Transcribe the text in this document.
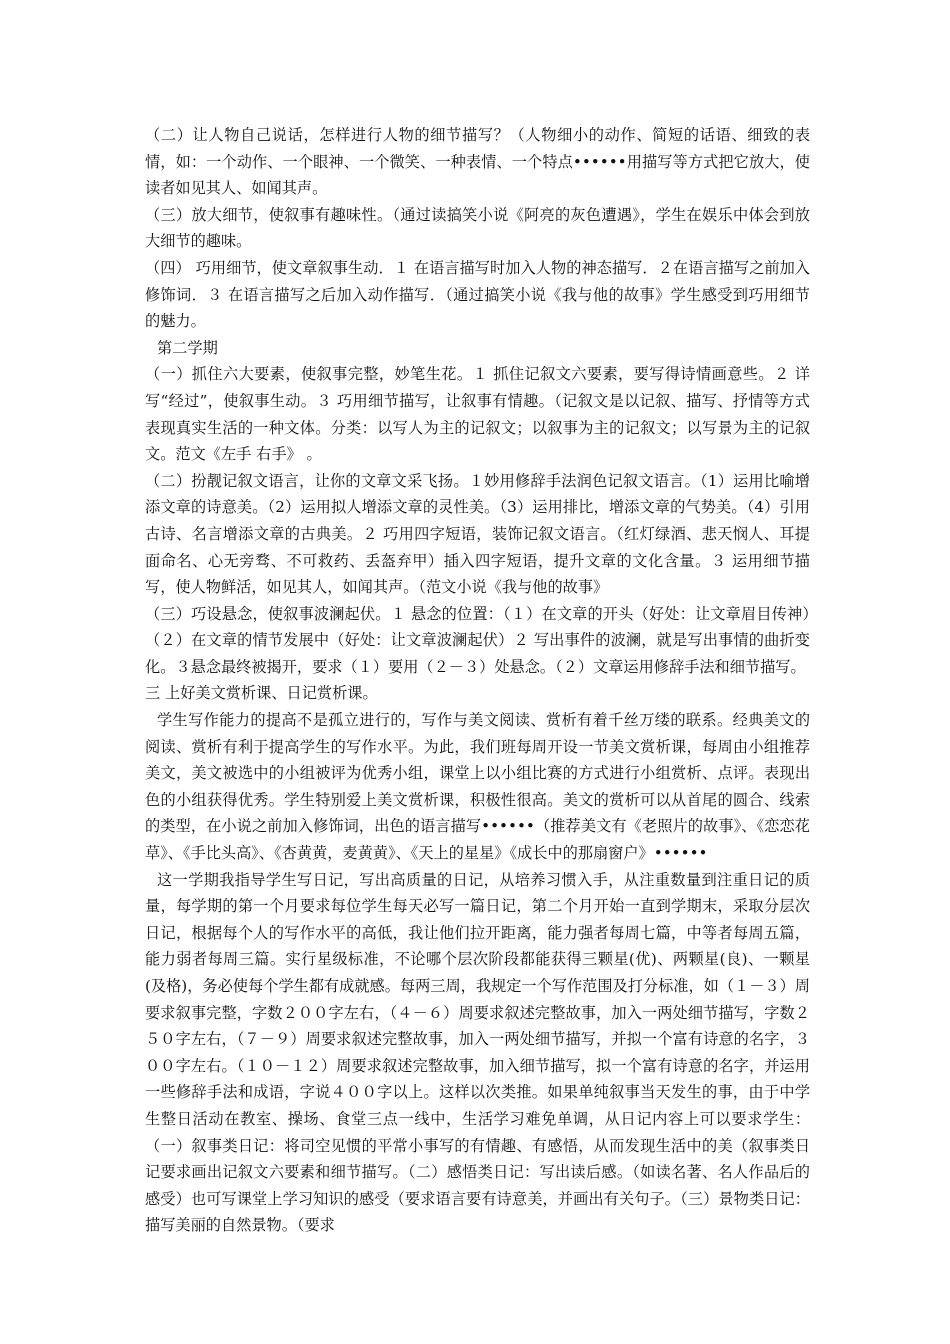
（二）让人物自己说话，怎样进行人物的细节描写？（人物细小的动作、简短的话语、细致的表情，如：一个动作、一个眼神、一个微笑、一种表情、一个特点••••••用描写等方式把它放大，使读者如见其人、如闻其声。

（三）放大细节，使叙事有趣味性。（通过读搞笑小说《阿亮的灰色遭遇》，学生在娱乐中体会到放大细节的趣味。

（四） 巧用细节，使文章叙事生动．１ 在语言描写时加入人物的神态描写．２在语言描写之前加入修饰词．３ 在语言描写之后加入动作描写．（通过搞笑小说《我与他的故事》学生感受到巧用细节的魅力。

第二学期

（一）抓住六大要素，使叙事完整，妙笔生花。１ 抓住记叙文六要素，要写得诗情画意些。２ 详写“经过”，使叙事生动。３ 巧用细节描写，让叙事有情趣。（记叙文是以记叙、描写、抒情等方式表现真实生活的一种文体。分类：以写人为主的记叙文；以叙事为主的记叙文；以写景为主的记叙文。范文《左手 右手》 。

（二）扮靓记叙文语言，让你的文章文采飞扬。１妙用修辞手法润色记叙文语言。（1）运用比喻增添文章的诗意美。（2）运用拟人增添文章的灵性美。（3）运用排比，增添文章的气势美。（4）引用古诗、名言增添文章的古典美。２ 巧用四字短语，装饰记叙文语言。（红灯绿酒、悲天悯人、耳提面命名、心无旁骛、不可救药、丢盔弃甲）插入四字短语，提升文章的文化含量。３ 运用细节描写，使人物鲜活，如见其人，如闻其声。（范文小说《我与他的故事》

（三）巧设悬念，使叙事波澜起伏。１ 悬念的位置：（１）在文章的开头（好处：让文章眉目传神）（２）在文章的情节发展中（好处：让文章波澜起伏）２ 写出事件的波澜，就是写出事情的曲折变化。３悬念最终被揭开，要求（１）要用（２－３）处悬念。（２）文章运用修辞手法和细节描写。

三 上好美文赏析课、日记赏析课。

学生写作能力的提高不是孤立进行的，写作与美文阅读、赏析有着千丝万缕的联系。经典美文的阅读、赏析有利于提高学生的写作水平。为此，我们班每周开设一节美文赏析课，每周由小组推荐美文，美文被选中的小组被评为优秀小组，课堂上以小组比赛的方式进行小组赏析、点评。表现出色的小组获得优秀。学生特别爱上美文赏析课，积极性很高。美文的赏析可以从首尾的圆合、线索的类型，在小说之前加入修饰词，出色的语言描写••••••（推荐美文有《老照片的故事》、《恋恋花草》、《手比头高》、《杏黄黄，麦黄黄》、《天上的星星》《成长中的那扇窗户》••••••

这一学期我指导学生写日记，写出高质量的日记，从培养习惯入手，从注重数量到注重日记的质量，每学期的第一个月要求每位学生每天必写一篇日记，第二个月开始一直到学期末，采取分层次日记，根据每个人的写作水平的高低，我让他们拉开距离，能力强者每周七篇，中等者每周五篇，能力弱者每周三篇。实行星级标准，不论哪个层次阶段都能获得三颗星(优)、两颗星(良)、一颗星(及格)，务必使每个学生都有成就感。每两三周，我规定一个写作范围及打分标准，如（１－３）周要求叙事完整，字数２００字左右，（４－６）周要求叙述完整故事，加入一两处细节描写，字数２５０字左右，（７－９）周要求叙述完整故事，加入一两处细节描写，并拟一个富有诗意的名字，３００字左右。（１０－１２）周要求叙述完整故事，加入细节描写，拟一个富有诗意的名字，并运用一些修辞手法和成语，字说４００字以上。这样以次类推。如果单纯叙事当天发生的事，由于中学生整日活动在教室、操场、食堂三点一线中，生活学习难免单调，从日记内容上可以要求学生：（一）叙事类日记：将司空见惯的平常小事写的有情趣、有感悟，从而发现生活中的美（叙事类日记要求画出记叙文六要素和细节描写。（二）感悟类日记：写出读后感。（如读名著、名人作品后的感受）也可写课堂上学习知识的感受（要求语言要有诗意美，并画出有关句子。（三）景物类日记：描写美丽的自然景物。（要求
